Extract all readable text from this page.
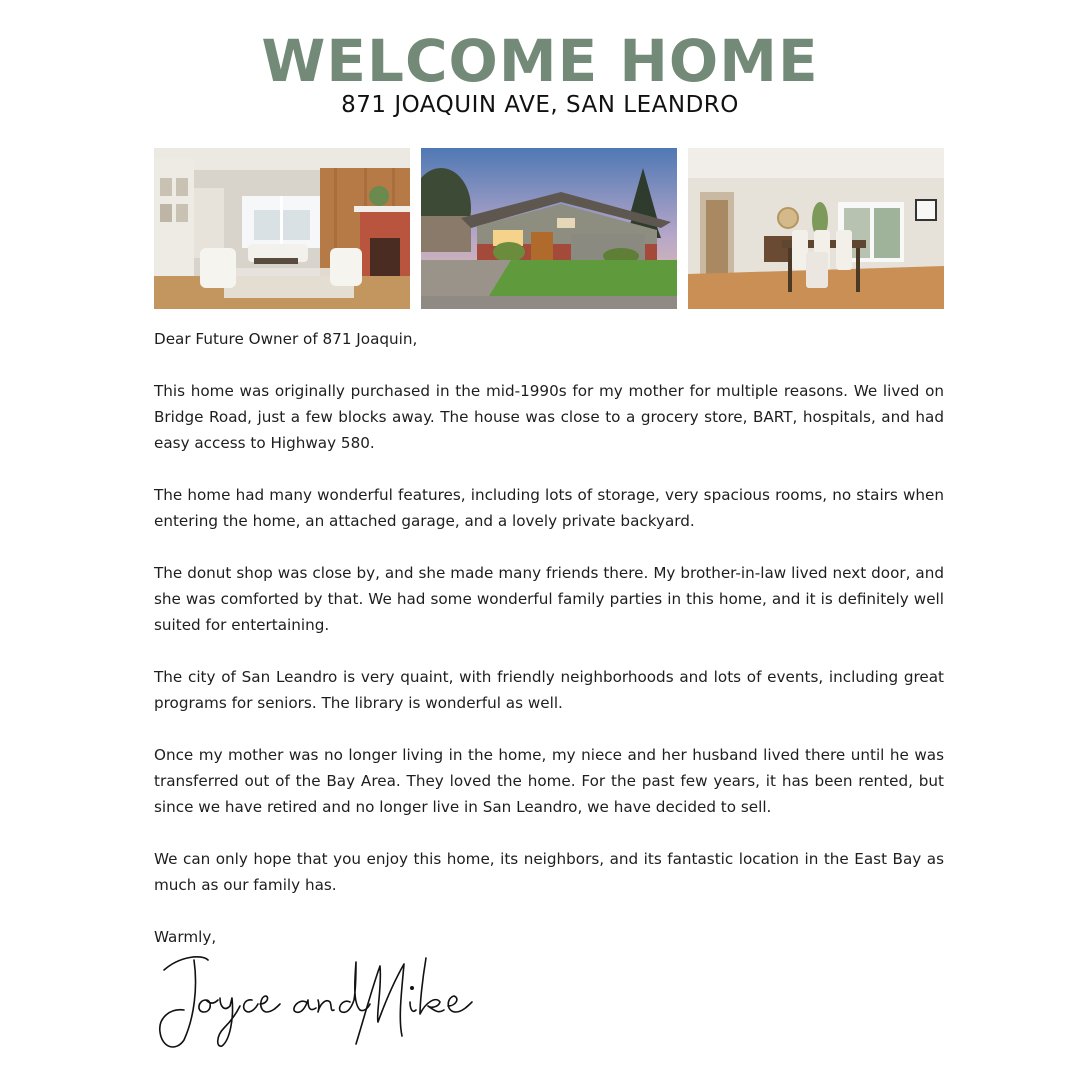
WELCOME HOME
871 JOAQUIN AVE, SAN LEANDRO

Dear Future Owner of 871 Joaquin,

This home was originally purchased in the mid-1990s for my mother for multiple reasons. We lived on Bridge Road, just a few blocks away. The house was close to a grocery store, BART, hospitals, and had easy access to Highway 580.

The home had many wonderful features, including lots of storage, very spacious rooms, no stairs when entering the home, an attached garage, and a lovely private backyard.

The donut shop was close by, and she made many friends there. My brother-in-law lived next door, and she was comforted by that. We had some wonderful family parties in this home, and it is definitely well suited for entertaining.

The city of San Leandro is very quaint, with friendly neighborhoods and lots of events, including great programs for seniors. The library is wonderful as well.

Once my mother was no longer living in the home, my niece and her husband lived there until he was transferred out of the Bay Area. They loved the home. For the past few years, it has been rented, but since we have retired and no longer live in San Leandro, we have decided to sell.

We can only hope that you enjoy this home, its neighbors, and its fantastic location in the East Bay as much as our family has.

Warmly,
